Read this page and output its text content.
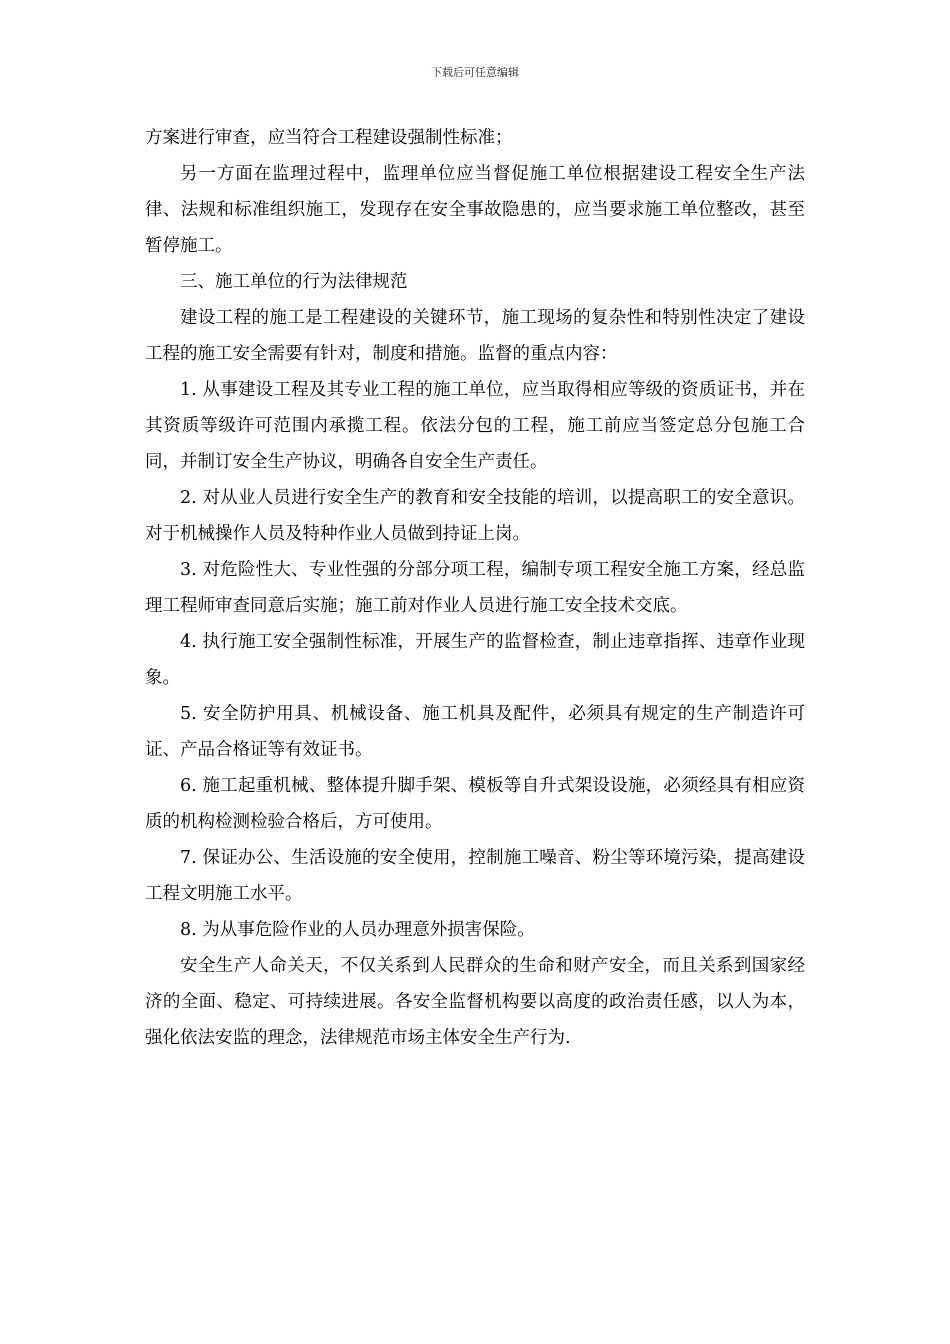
下载后可任意编辑

方案进行审查，应当符合工程建设强制性标准；

另一方面在监理过程中，监理单位应当督促施工单位根据建设工程安全生产法律、法规和标准组织施工，发现存在安全事故隐患的，应当要求施工单位整改，甚至暂停施工。

三、施工单位的行为法律规范

建设工程的施工是工程建设的关键环节，施工现场的复杂性和特别性决定了建设工程的施工安全需要有针对，制度和措施。监督的重点内容：

1. 从事建设工程及其专业工程的施工单位，应当取得相应等级的资质证书，并在其资质等级许可范围内承揽工程。依法分包的工程，施工前应当签定总分包施工合同，并制订安全生产协议，明确各自安全生产责任。

2. 对从业人员进行安全生产的教育和安全技能的培训，以提高职工的安全意识。对于机械操作人员及特种作业人员做到持证上岗。

3. 对危险性大、专业性强的分部分项工程，编制专项工程安全施工方案，经总监理工程师审查同意后实施；施工前对作业人员进行施工安全技术交底。

4. 执行施工安全强制性标准，开展生产的监督检查，制止违章指挥、违章作业现象。

5. 安全防护用具、机械设备、施工机具及配件，必须具有规定的生产制造许可证、产品合格证等有效证书。

6. 施工起重机械、整体提升脚手架、模板等自升式架设设施，必须经具有相应资质的机构检测检验合格后，方可使用。

7. 保证办公、生活设施的安全使用，控制施工噪音、粉尘等环境污染，提高建设工程文明施工水平。

8. 为从事危险作业的人员办理意外损害保险。

安全生产人命关天，不仅关系到人民群众的生命和财产安全，而且关系到国家经济的全面、稳定、可持续进展。各安全监督机构要以高度的政治责任感，以人为本，强化依法安监的理念，法律规范市场主体安全生产行为.
